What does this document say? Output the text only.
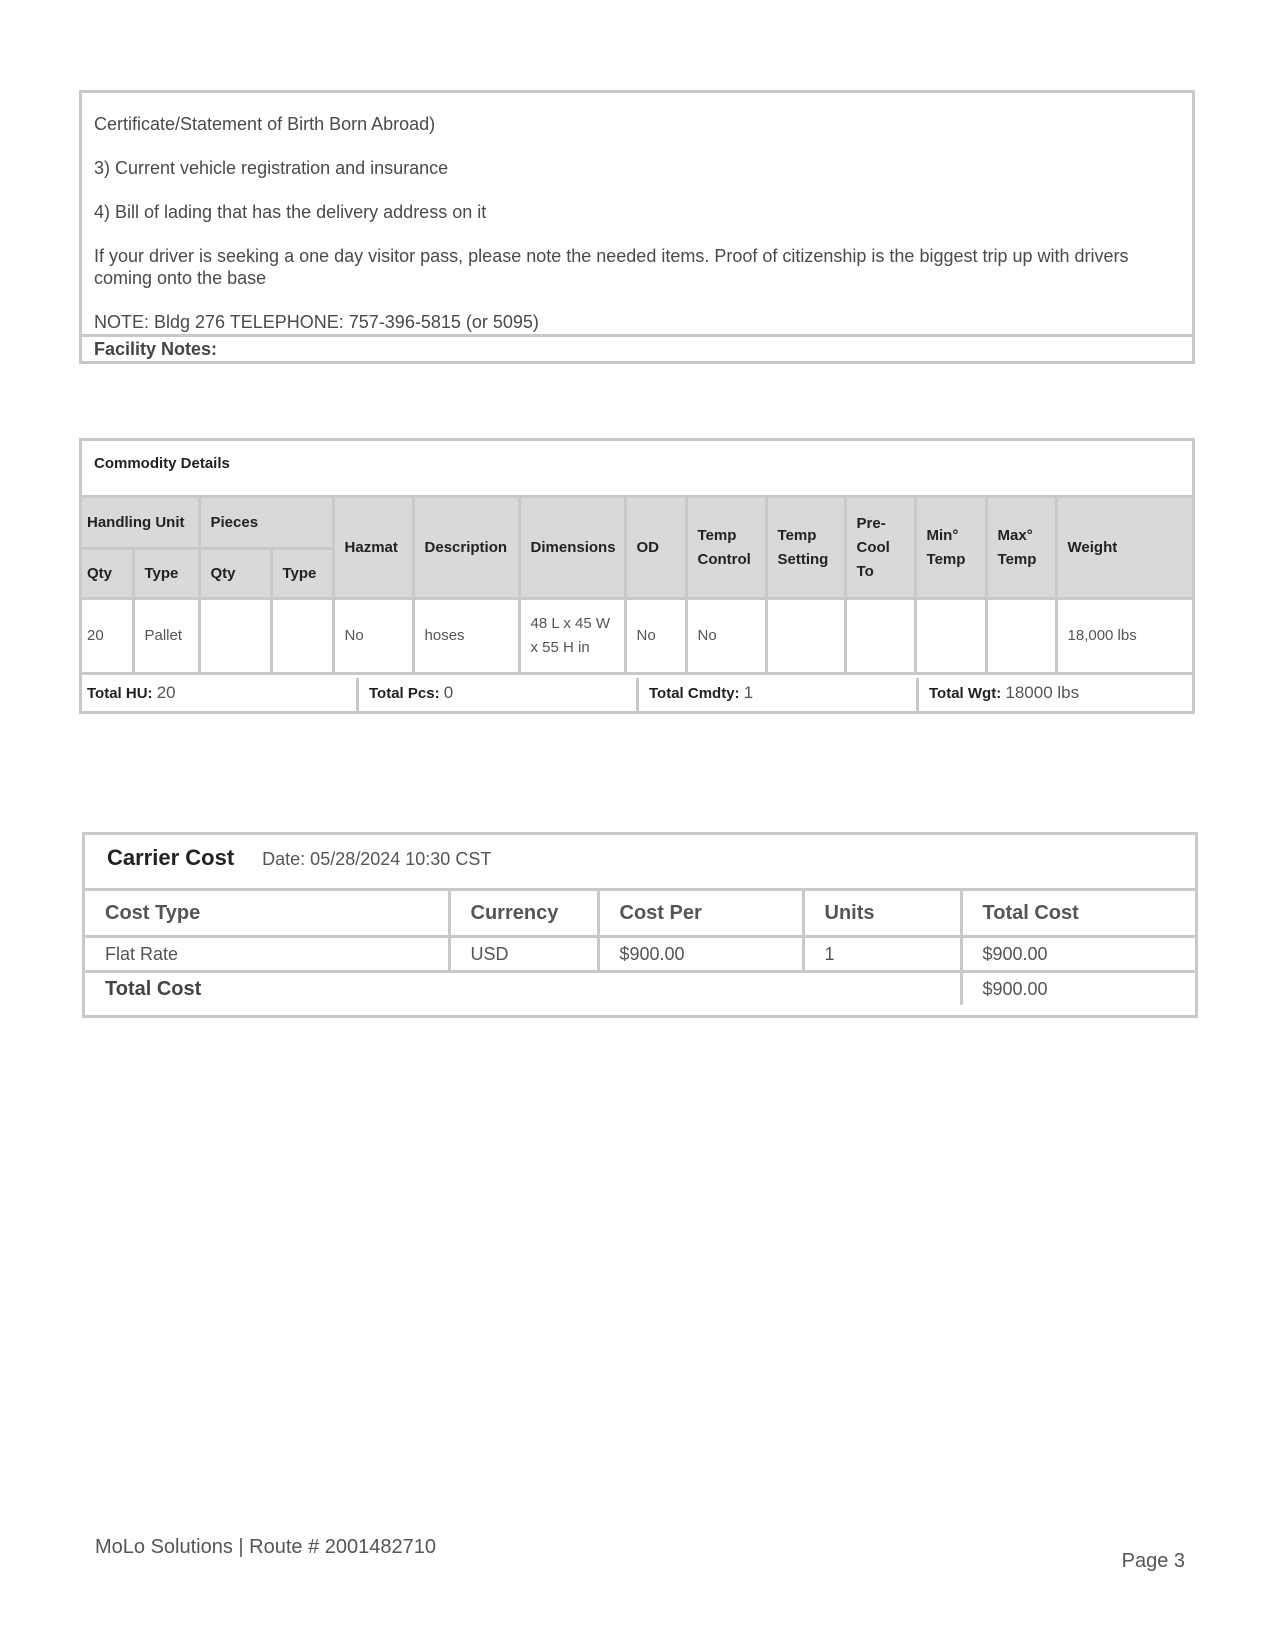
Certificate/Statement of Birth Born Abroad)

3) Current vehicle registration and insurance

4) Bill of lading that has the delivery address on it

If your driver is seeking a one day visitor pass, please note the needed items. Proof of citizenship is the biggest trip up with drivers coming onto the base

NOTE: Bldg 276 TELEPHONE: 757-396-5815 (or 5095)

Facility Notes:
Commodity Details
Handling Unit		Pieces		Hazmat	Description	Dimensions	OD	Temp Control	Temp Setting	Pre-Cool To	Min° Temp	Max° Temp	Weight
Qty	Type	Qty	Type										
20	Pallet			No	hoses	48 L x 45 W x 55 H in	No	No					18,000 lbs
Total HU: 20	Total Pcs: 0	Total Cmdty: 1	Total Wgt: 18000 lbs
Carrier Cost Date: 05/28/2024 10:30 CST
Cost Type	Currency	Cost Per	Units	Total Cost
Flat Rate	USD	$900.00	1	$900.00
Total Cost				$900.00
MoLo Solutions | Route # 2001482710
Page 3
